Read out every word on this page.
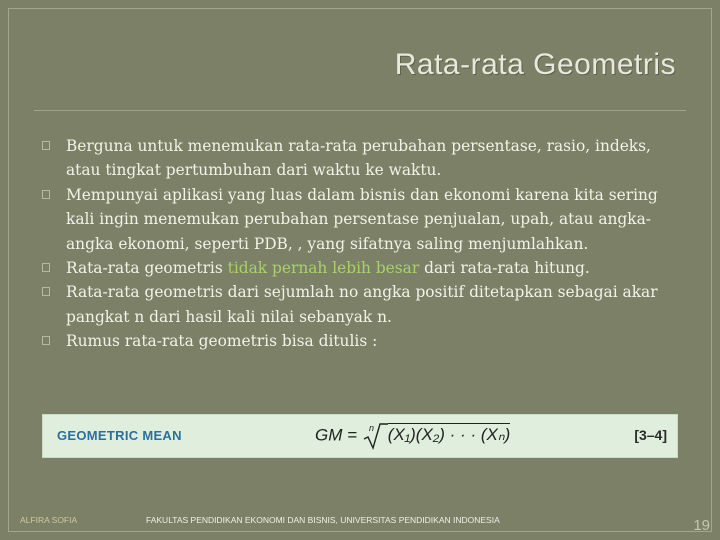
Rata-rata Geometris
Berguna untuk menemukan rata-rata perubahan persentase, rasio, indeks, atau tingkat pertumbuhan dari waktu ke waktu.
Mempunyai aplikasi yang luas dalam bisnis dan ekonomi karena kita sering kali ingin menemukan perubahan persentase penjualan, upah, atau angka-angka ekonomi, seperti PDB, , yang sifatnya saling menjumlahkan.
Rata-rata geometris tidak pernah lebih besar dari rata-rata hitung.
Rata-rata geometris dari sejumlah no angka positif ditetapkan sebagai akar pangkat n dari hasil kali nilai sebanyak n.
Rumus rata-rata geometris bisa ditulis :
GEOMETRIC MEAN	GM = n (X₁)(X₂) · · · (Xₙ)	[3–4]
ALFIRA SOFIA	FAKULTAS PENDIDIKAN EKONOMI DAN BISNIS, UNIVERSITAS PENDIDIKAN INDONESIA	19
